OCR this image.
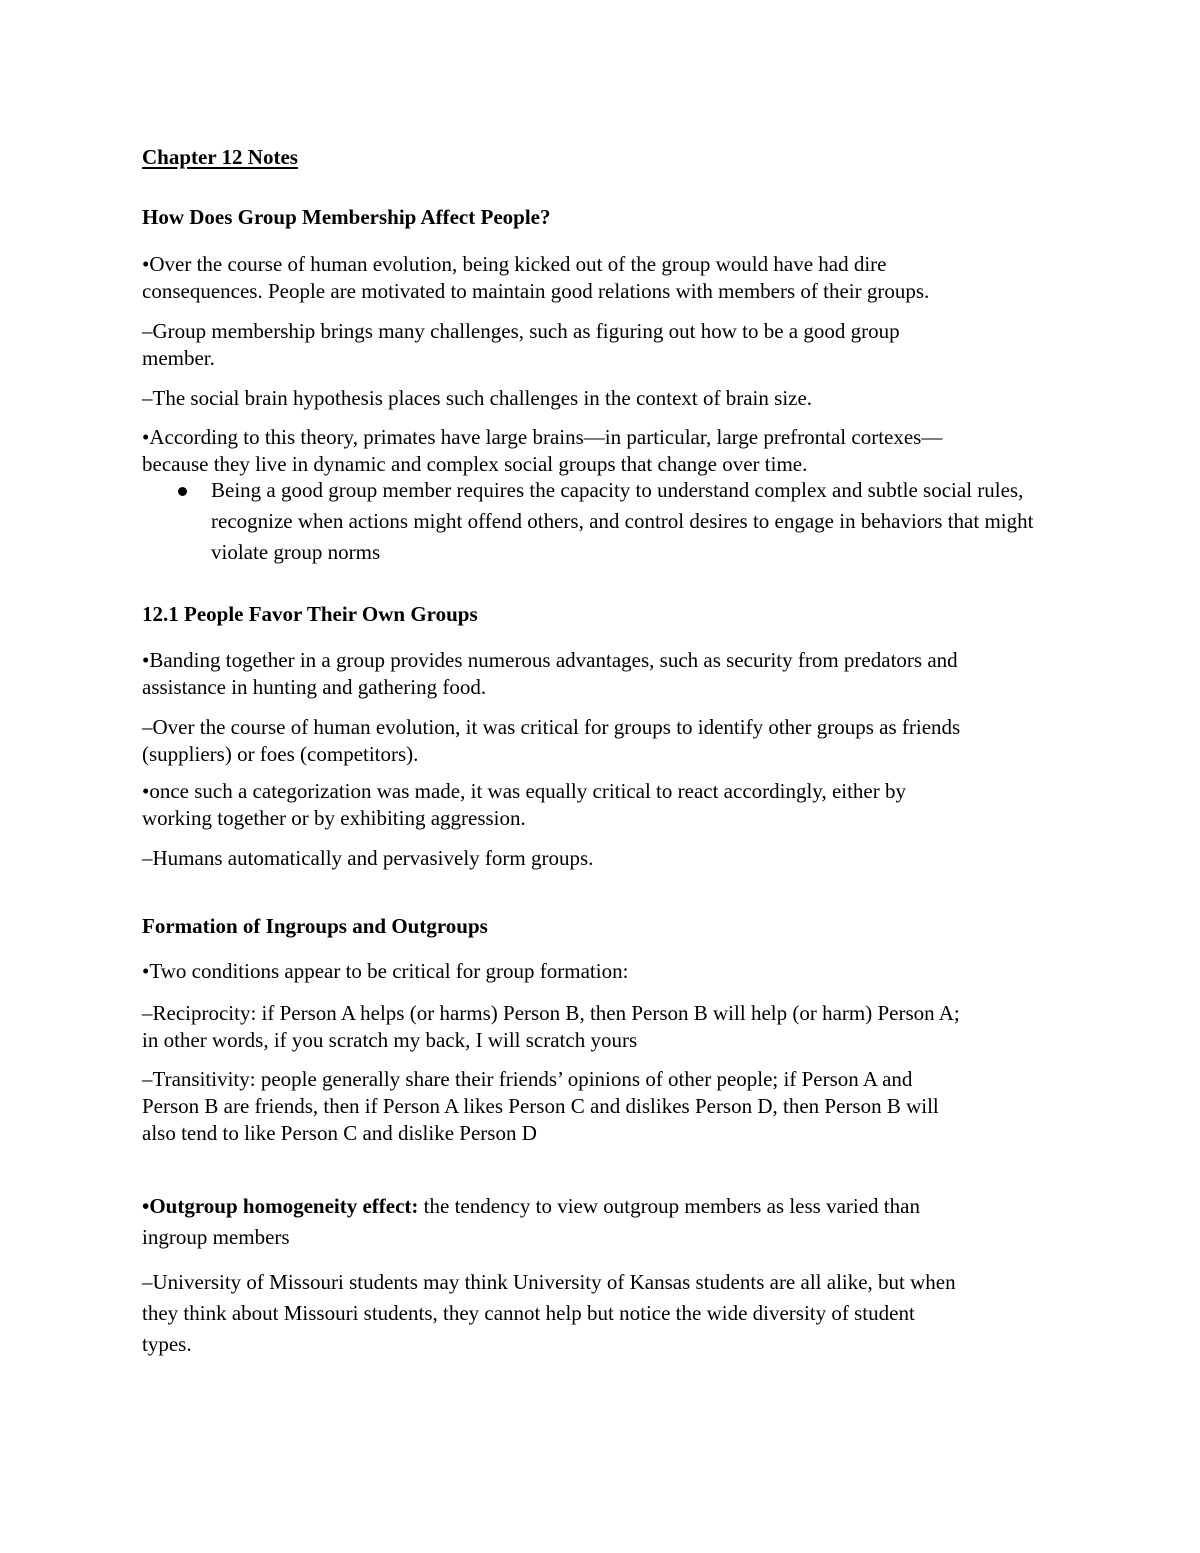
Chapter 12 Notes
How Does Group Membership Affect People?
•Over the course of human evolution, being kicked out of the group would have had dire
consequences. People are motivated to maintain good relations with members of their groups.
–Group membership brings many challenges, such as figuring out how to be a good group
member.
–The social brain hypothesis places such challenges in the context of brain size.
•According to this theory, primates have large brains—in particular, large prefrontal cortexes—
because they live in dynamic and complex social groups that change over time.
Being a good group member requires the capacity to understand complex and subtle social rules, recognize when actions might offend others, and control desires to engage in behaviors that might violate group norms
12.1 People Favor Their Own Groups
•Banding together in a group provides numerous advantages, such as security from predators and
assistance in hunting and gathering food.
–Over the course of human evolution, it was critical for groups to identify other groups as friends
(suppliers) or foes (competitors).
•once such a categorization was made, it was equally critical to react accordingly, either by
working together or by exhibiting aggression.
–Humans automatically and pervasively form groups.
Formation of Ingroups and Outgroups
•Two conditions appear to be critical for group formation:
–Reciprocity: if Person A helps (or harms) Person B, then Person B will help (or harm) Person A;
in other words, if you scratch my back, I will scratch yours
–Transitivity: people generally share their friends’ opinions of other people; if Person A and
Person B are friends, then if Person A likes Person C and dislikes Person D, then Person B will
also tend to like Person C and dislike Person D
•Outgroup homogeneity effect: the tendency to view outgroup members as less varied than
ingroup members
–University of Missouri students may think University of Kansas students are all alike, but when
they think about Missouri students, they cannot help but notice the wide diversity of student
types.
